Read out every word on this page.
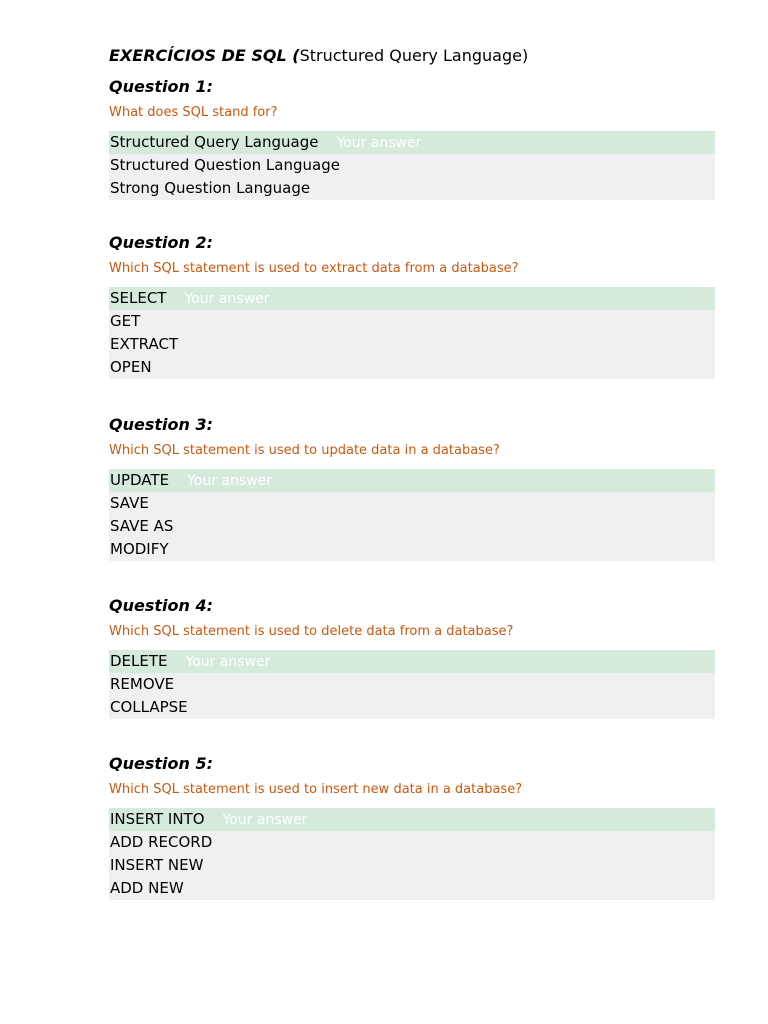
EXERCÍCIOS DE SQL (Structured Query Language)
Question 1:
What does SQL stand for?
Structured Query Language
Your answer
Structured Question Language
Strong Question Language
Question 2:
Which SQL statement is used to extract data from a database?
SELECT
Your answer
GET
EXTRACT
OPEN
Question 3:
Which SQL statement is used to update data in a database?
UPDATE
Your answer
SAVE
SAVE AS
MODIFY
Question 4:
Which SQL statement is used to delete data from a database?
DELETE
Your answer
REMOVE
COLLAPSE
Question 5:
Which SQL statement is used to insert new data in a database?
INSERT INTO
Your answer
ADD RECORD
INSERT NEW
ADD NEW
